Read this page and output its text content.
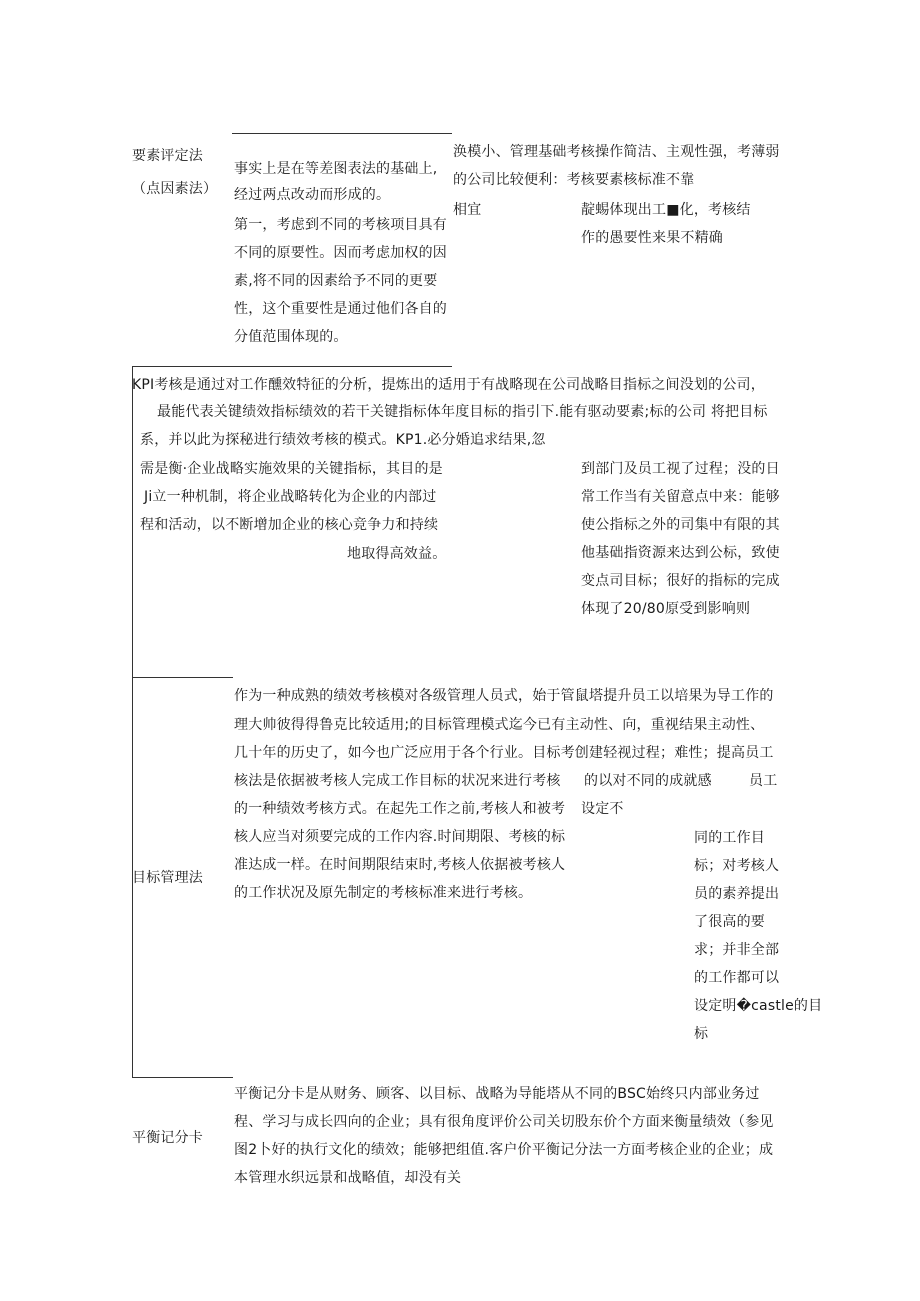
要素评定法
（点因素法）
事实上是在等差图表法的基础上,
经过两点改动而形成的。
第一，考虑到不同的考核项目具有
不同的原要性。因而考虑加权的因
素,将不同的因素给予不同的更要
性，这个重要性是通过他们各自的
分值范围体现的。
涣模小、管理基础考核操作简洁、主观性强，考薄弱
的公司比较便利：考核要素核标准不靠
相宜	靛蜴体现出工■化，考核结
作的愚要性来果不精确
KPI考核是通过对工作醺效特征的分析，提炼出的适用于有战略现在公司战略目指标之间没划的公司，
最能代表关键绩效指标绩效的若干关键指标体年度目标的指引下.能有驱动要素;标的公司 将把目标
系，并以此为探秘进行绩效考核的模式。KP1.必分婚追求结果,忽
需是衡·企业战略实施效果的关键指标，其目的是
Ji立一种机制，将企业战略转化为企业的内部过
程和活动，以不断增加企业的核心竞争力和持续
地取得高效益。
到部门及员工视了过程；没的日
常工作当有关留意点中来：能够
使公指标之外的司集中有限的其
他基础指资源来达到公标，致使
变点司目标；很好的指标的完成
体现了20/80原受到影响则
目标管理法
作为一种成熟的绩效考核模对各级管理人员式，始于管鼠塔提升员工以培果为导工作的
理大帅彼得得鲁克比较适用;的目标管理模式迄今已有主动性、向，重视结果主动性、
几十年的历史了，如今也广泛应用于各个行业。目标考创建轻视过程；难性；提高员工
核法是依据被考核人完成工作目标的状况来进行考核 的以对不同的成就感	员工
的一种绩效考核方式。在起先工作之前,考核人和被考 设定不
核人应当对须要完成的工作内容.时间期限、考核的标
准达成一样。在时间期限结束时,考核人依据被考核人
的工作状况及原先制定的考核标准来进行考核。
同的工作目
标；对考核人
员的素养提出
了很高的要
求；并非全部
的工作都可以
设定明�castle的目
标
平衡记分卡
平衡记分卡是从财务、顾客、以目标、战略为导能塔从不同的BSC始终只内部业务过
程、学习与成长四向的企业；具有很角度评价公司关切股东价个方面来衡量绩效（参见
图2卜好的执行文化的绩效；能够把组值.客户价平衡记分法一方面考核企业的企业；成
本管理水织远景和战略值，却没有关
